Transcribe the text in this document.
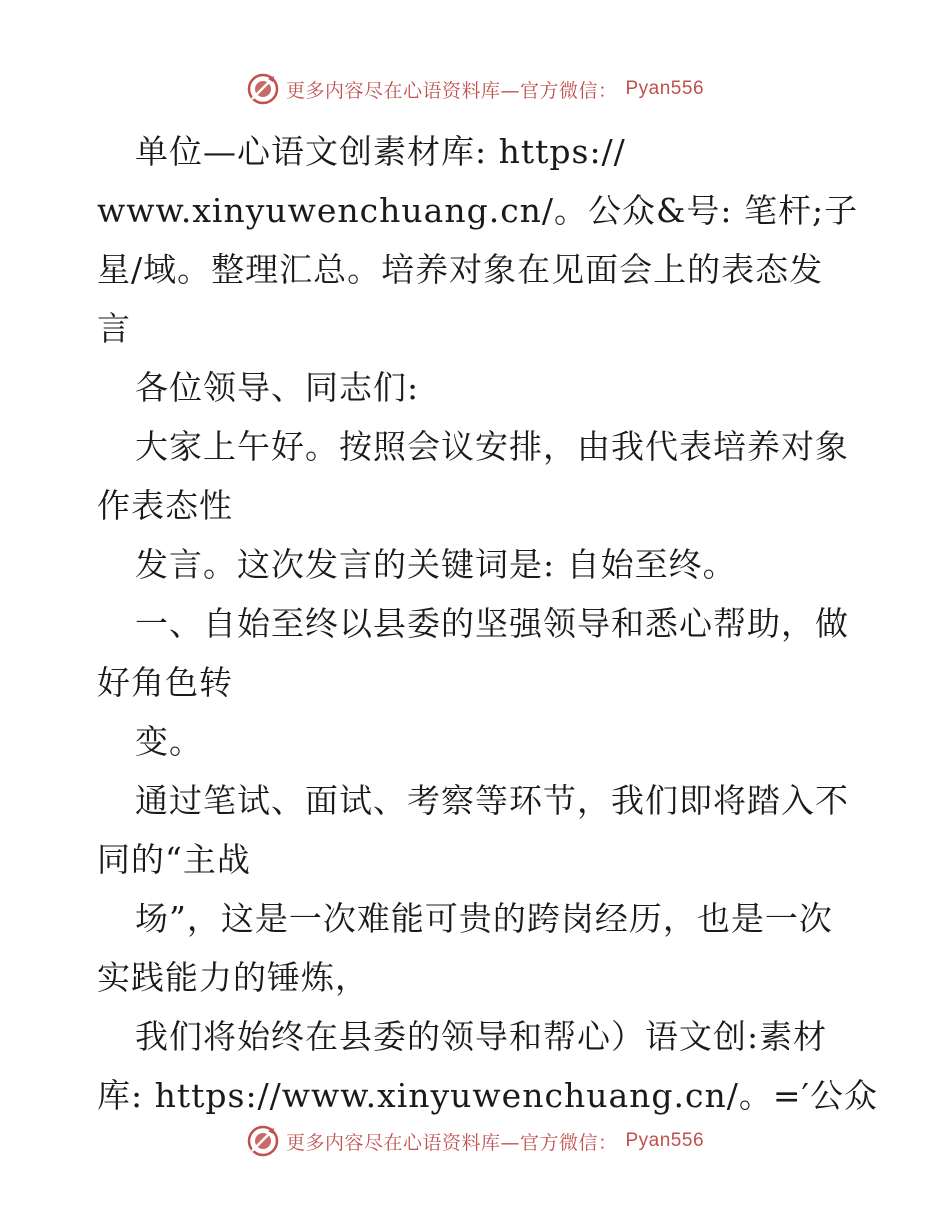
更多内容尽在心语资料库—官方微信： Pyan556
单位—心语文创素材库: https://
www.xinyuwenchuang.cn/。公众&号: 笔杆;子
星/域。整理汇总。培养对象在见面会上的表态发
言
各位领导、同志们:
大家上午好。按照会议安排，由我代表培养对象
作表态性
发言。这次发言的关键词是: 自始至终。
一、自始至终以县委的坚强领导和悉心帮助，做
好角色转
变。
通过笔试、面试、考察等环节，我们即将踏入不
同的“主战
场”，这是一次难能可贵的跨岗经历，也是一次
实践能力的锤炼，
我们将始终在县委的领导和帮心）语文创:素材
库: https://www.xinyuwenchuang.cn/。=′公众
更多内容尽在心语资料库—官方微信： Pyan556
